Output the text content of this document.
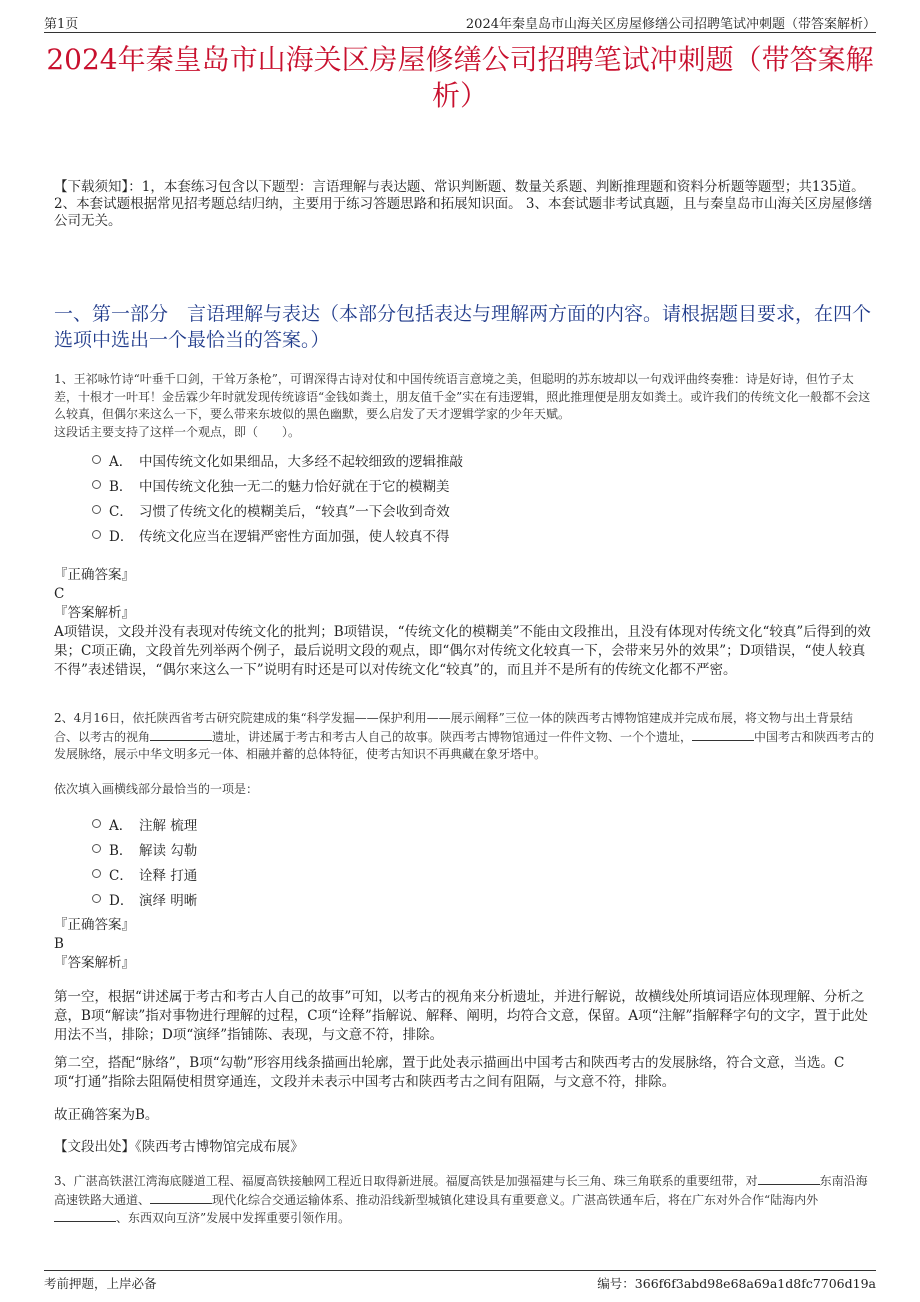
第1页	2024年秦皇岛市山海关区房屋修缮公司招聘笔试冲刺题（带答案解析）
2024年秦皇岛市山海关区房屋修缮公司招聘笔试冲刺题（带答案解析）
【下载须知】：1，本套练习包含以下题型：言语理解与表达题、常识判断题、数量关系题、判断推理题和资料分析题等题型；共135道。 2、本套试题根据常见招考题总结归纳，主要用于练习答题思路和拓展知识面。 3、本套试题非考试真题，且与秦皇岛市山海关区房屋修缮公司无关。
一、第一部分　言语理解与表达（本部分包括表达与理解两方面的内容。请根据题目要求，在四个选项中选出一个最恰当的答案。）
1、王祁咏竹诗“叶垂千口剑，干耸万条枪”，可谓深得古诗对仗和中国传统语言意境之美，但聪明的苏东坡却以一句戏评曲终奏雅：诗是好诗，但竹子太差，十根才一叶耳！金岳霖少年时就发现传统谚语“金钱如粪土，朋友值千金”实在有违逻辑，照此推理便是朋友如粪土。或许我们的传统文化一般都不会这么较真，但偶尔来这么一下，要么带来东坡似的黑色幽默，要么启发了天才逻辑学家的少年天赋。
这段话主要支持了这样一个观点，即（　　）。
A． 中国传统文化如果细品，大多经不起较细致的逻辑推敲
B． 中国传统文化独一无二的魅力恰好就在于它的模糊美
C． 习惯了传统文化的模糊美后，“较真”一下会收到奇效
D． 传统文化应当在逻辑严密性方面加强，使人较真不得
『正确答案』
C
『答案解析』
A项错误，文段并没有表现对传统文化的批判；B项错误，“传统文化的模糊美”不能由文段推出，且没有体现对传统文化“较真”后得到的效果；C项正确，文段首先列举两个例子，最后说明文段的观点，即“偶尔对传统文化较真一下，会带来另外的效果”；D项错误，“使人较真不得”表述错误，“偶尔来这么一下”说明有时还是可以对传统文化“较真”的，而且并不是所有的传统文化都不严密。
2、4月16日，依托陕西省考古研究院建成的集“科学发掘——保护利用——展示阐释”三位一体的陕西考古博物馆建成并完成布展，将文物与出土背景结合、以考古的视角	遗址，讲述属于考古和考古人自己的故事。陕西考古博物馆通过一件件文物、一个个遗址，	中国考古和陕西考古的发展脉络，展示中华文明多元一体、相融并蓄的总体特征，使考古知识不再典藏在象牙塔中。
依次填入画横线部分最恰当的一项是：
A． 注解 梳理
B． 解读 勾勒
C． 诠释 打通
D． 演绎 明晰
『正确答案』
B
『答案解析』
第一空，根据“讲述属于考古和考古人自己的故事”可知，以考古的视角来分析遗址，并进行解说，故横线处所填词语应体现理解、分析之意，B项“解读”指对事物进行理解的过程，C项“诠释”指解说、解释、阐明，均符合文意，保留。A项“注解”指解释字句的文字，置于此处用法不当，排除；D项“演绎”指铺陈、表现，与文意不符，排除。
第二空，搭配“脉络”，B项“勾勒”形容用线条描画出轮廓，置于此处表示描画出中国考古和陕西考古的发展脉络，符合文意，当选。C项“打通”指除去阻隔使相贯穿通连，文段并未表示中国考古和陕西考古之间有阻隔，与文意不符，排除。
故正确答案为B。
【文段出处】《陕西考古博物馆完成布展》
3、广湛高铁湛江湾海底隧道工程、福厦高铁接触网工程近日取得新进展。福厦高铁是加强福建与长三角、珠三角联系的重要纽带，对	东南沿海高速铁路大通道、	现代化综合交通运输体系、推动沿线新型城镇化建设具有重要意义。广湛高铁通车后，将在广东对外合作“陆海内外、东西双向互济”发展中发挥重要引领作用。
考前押题，上岸必备	编号：366f6f3abd98e68a69a1d8fc7706d19a
